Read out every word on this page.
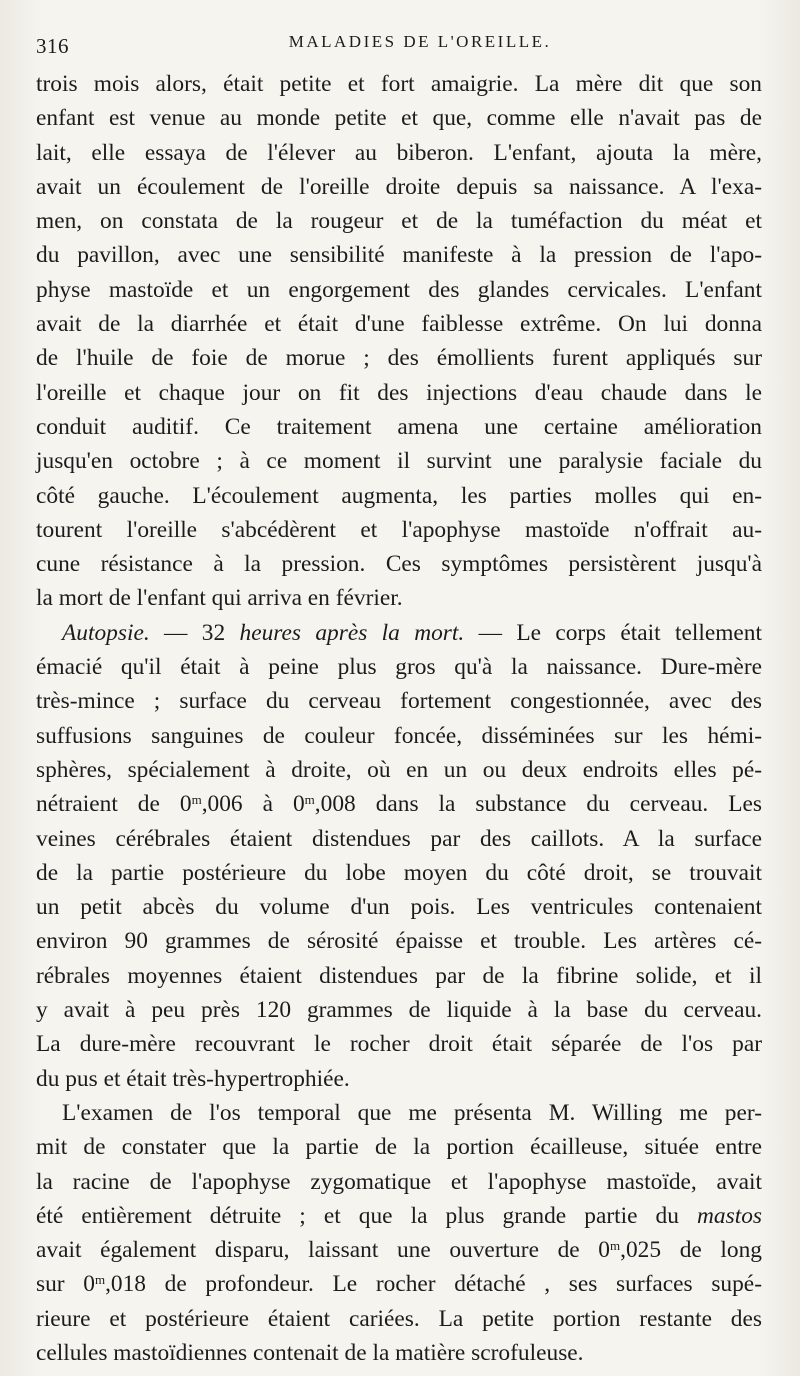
316	MALADIES DE L'OREILLE.
trois mois alors, était petite et fort amaigrie. La mère dit que son
enfant est venue au monde petite et que, comme elle n'avait pas de
lait, elle essaya de l'élever au biberon. L'enfant, ajouta la mère,
avait un écoulement de l'oreille droite depuis sa naissance. A l'exa-
men, on constata de la rougeur et de la tuméfaction du méat et
du pavillon, avec une sensibilité manifeste à la pression de l'apo-
physe mastoïde et un engorgement des glandes cervicales. L'enfant
avait de la diarrhée et était d'une faiblesse extrême. On lui donna
de l'huile de foie de morue ; des émollients furent appliqués sur
l'oreille et chaque jour on fit des injections d'eau chaude dans le
conduit auditif. Ce traitement amena une certaine amélioration
jusqu'en octobre ; à ce moment il survint une paralysie faciale du
côté gauche. L'écoulement augmenta, les parties molles qui en-
tourent l'oreille s'abcédèrent et l'apophyse mastoïde n'offrait au-
cune résistance à la pression. Ces symptômes persistèrent jusqu'à
la mort de l'enfant qui arriva en février.
Autopsie. — 32 heures après la mort. — Le corps était tellement
émacié qu'il était à peine plus gros qu'à la naissance. Dure-mère
très-mince ; surface du cerveau fortement congestionnée, avec des
suffusions sanguines de couleur foncée, disséminées sur les hémi-
sphères, spécialement à droite, où en un ou deux endroits elles pé-
nétraient de 0$^m$,006 à 0$^m$,008 dans la substance du cerveau. Les
veines cérébrales étaient distendues par des caillots. A la surface
de la partie postérieure du lobe moyen du côté droit, se trouvait
un petit abcès du volume d'un pois. Les ventricules contenaient
environ 90 grammes de sérosité épaisse et trouble. Les artères cé-
rébrales moyennes étaient distendues par de la fibrine solide, et il
y avait à peu près 120 grammes de liquide à la base du cerveau.
La dure-mère recouvrant le rocher droit était séparée de l'os par
du pus et était très-hypertrophiée.
L'examen de l'os temporal que me présenta M. Willing me per-
mit de constater que la partie de la portion écailleuse, située entre
la racine de l'apophyse zygomatique et l'apophyse mastoïde, avait
été entièrement détruite ; et que la plus grande partie du mastos
avait également disparu, laissant une ouverture de 0$^m$,025 de long
sur 0$^m$,018 de profondeur. Le rocher détaché , ses surfaces supé-
rieure et postérieure étaient cariées. La petite portion restante des
cellules mastoïdiennes contenait de la matière scrofuleuse.
